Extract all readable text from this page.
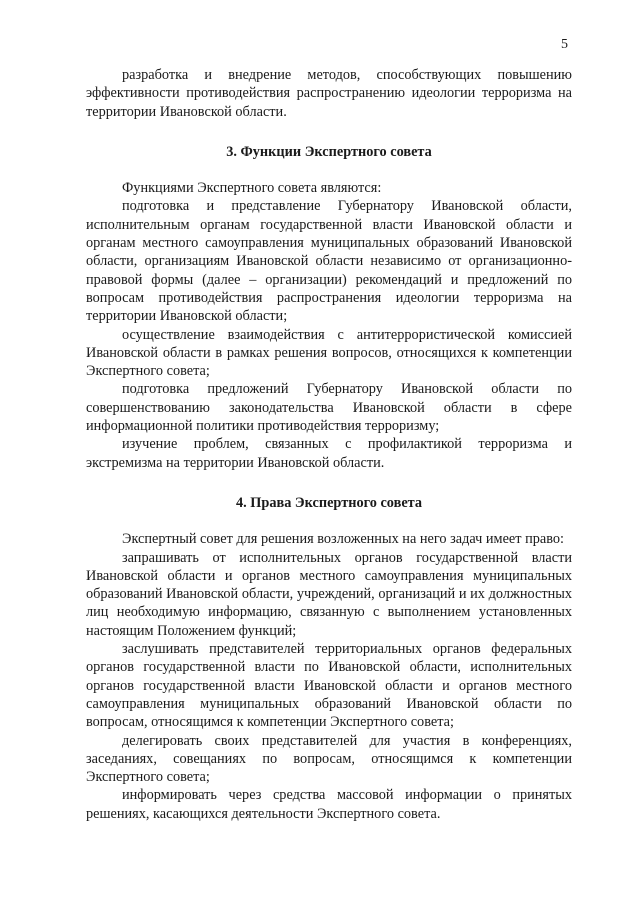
5

разработка и внедрение методов, способствующих повышению эффективности противодействия распространению идеологии терроризма на территории Ивановской области.

3. Функции Экспертного совета

Функциями Экспертного совета являются:

подготовка и представление Губернатору Ивановской области, исполнительным органам государственной власти Ивановской области и органам местного самоуправления муниципальных образований Ивановской области, организациям Ивановской области независимо от организационно-правовой формы (далее – организации) рекомендаций и предложений по вопросам противодействия распространения идеологии терроризма на территории Ивановской области;

осуществление взаимодействия с антитеррористической комиссией Ивановской области в рамках решения вопросов, относящихся к компетенции Экспертного совета;

подготовка предложений Губернатору Ивановской области по совершенствованию законодательства Ивановской области в сфере информационной политики противодействия терроризму;

изучение проблем, связанных с профилактикой терроризма и экстремизма на территории Ивановской области.

4. Права Экспертного совета

Экспертный совет для решения возложенных на него задач имеет право:

запрашивать от исполнительных органов государственной власти Ивановской области и органов местного самоуправления муниципальных образований Ивановской области, учреждений, организаций и их должностных лиц необходимую информацию, связанную с выполнением установленных настоящим Положением функций;

заслушивать представителей территориальных органов федеральных органов государственной власти по Ивановской области, исполнительных органов государственной власти Ивановской области и органов местного самоуправления муниципальных образований Ивановской области по вопросам, относящимся к компетенции Экспертного совета;

делегировать своих представителей для участия в конференциях, заседаниях, совещаниях по вопросам, относящимся к компетенции Экспертного совета;

информировать через средства массовой информации о принятых решениях, касающихся деятельности Экспертного совета.
